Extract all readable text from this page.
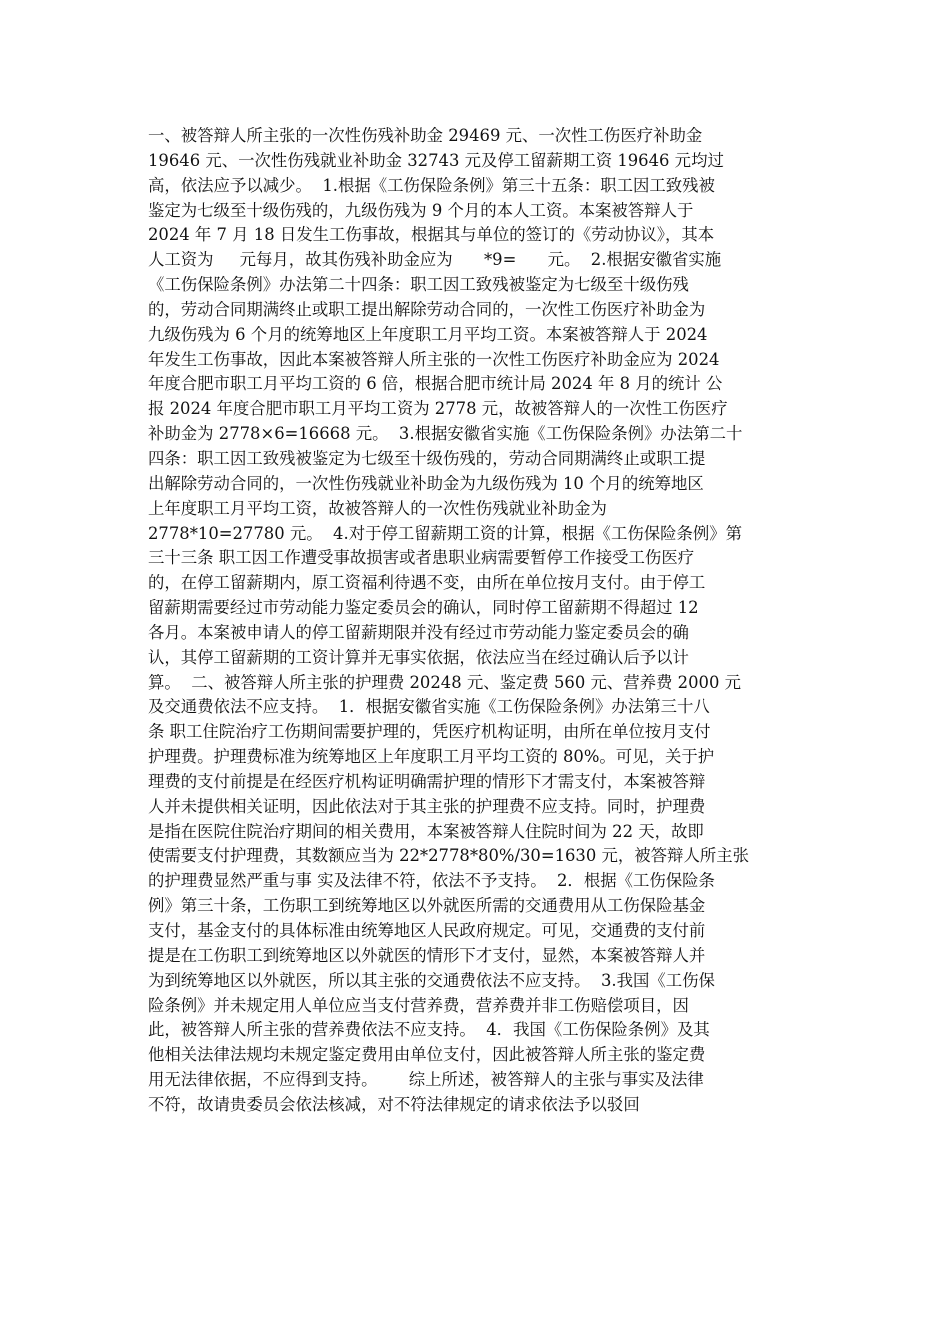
一、被答辩人所主张的一次性伤残补助金 29469 元、一次性工伤医疗补助金
19646 元、一次性伤残就业补助金 32743 元及停工留薪期工资 19646 元均过
高，依法应予以减少。  1.根据《工伤保险条例》第三十五条：职工因工致残被
鉴定为七级至十级伤残的，九级伤残为 9 个月的本人工资。本案被答辩人于
2024 年 7 月 18 日发生工伤事故，根据其与单位的签订的《劳动协议》，其本
人工资为     元每月，故其伤残补助金应为      *9=      元。  2.根据安徽省实施
《工伤保险条例》办法第二十四条：职工因工致残被鉴定为七级至十级伤残
的，劳动合同期满终止或职工提出解除劳动合同的，一次性工伤医疗补助金为
九级伤残为 6 个月的统筹地区上年度职工月平均工资。本案被答辩人于 2024
年发生工伤事故，因此本案被答辩人所主张的一次性工伤医疗补助金应为 2024
年度合肥市职工月平均工资的 6 倍，根据合肥市统计局 2024 年 8 月的统计 公
报 2024 年度合肥市职工月平均工资为 2778 元，故被答辩人的一次性工伤医疗
补助金为 2778×6=16668 元。  3.根据安徽省实施《工伤保险条例》办法第二十
四条：职工因工致残被鉴定为七级至十级伤残的，劳动合同期满终止或职工提
出解除劳动合同的，一次性伤残就业补助金为九级伤残为 10 个月的统筹地区
上年度职工月平均工资，故被答辩人的一次性伤残就业补助金为
2778*10=27780 元。  4.对于停工留薪期工资的计算，根据《工伤保险条例》第
三十三条 职工因工作遭受事故损害或者患职业病需要暂停工作接受工伤医疗
的，在停工留薪期内，原工资福利待遇不变，由所在单位按月支付。由于停工
留薪期需要经过市劳动能力鉴定委员会的确认，同时停工留薪期不得超过 12
各月。本案被申请人的停工留薪期限并没有经过市劳动能力鉴定委员会的确
认，其停工留薪期的工资计算并无事实依据，依法应当在经过确认后予以计
算。  二、被答辩人所主张的护理费 20248 元、鉴定费 560 元、营养费 2000 元
及交通费依法不应支持。  1．根据安徽省实施《工伤保险条例》办法第三十八
条 职工住院治疗工伤期间需要护理的，凭医疗机构证明，由所在单位按月支付
护理费。护理费标准为统筹地区上年度职工月平均工资的 80%。可见，关于护
理费的支付前提是在经医疗机构证明确需护理的情形下才需支付，本案被答辩
人并未提供相关证明，因此依法对于其主张的护理费不应支持。同时，护理费
是指在医院住院治疗期间的相关费用，本案被答辩人住院时间为 22 天，故即
使需要支付护理费，其数额应当为 22*2778*80%/30=1630 元，被答辩人所主张
的护理费显然严重与事 实及法律不符，依法不予支持。  2．根据《工伤保险条
例》第三十条，工伤职工到统筹地区以外就医所需的交通费用从工伤保险基金
支付，基金支付的具体标准由统筹地区人民政府规定。可见，交通费的支付前
提是在工伤职工到统筹地区以外就医的情形下才支付，显然，本案被答辩人并
为到统筹地区以外就医，所以其主张的交通费依法不应支持。  3.我国《工伤保
险条例》并未规定用人单位应当支付营养费，营养费并非工伤赔偿项目，因
此，被答辩人所主张的营养费依法不应支持。  4．我国《工伤保险条例》及其
他相关法律法规均未规定鉴定费用由单位支付，因此被答辩人所主张的鉴定费
用无法律依据，不应得到支持。      综上所述，被答辩人的主张与事实及法律
不符，故请贵委员会依法核减，对不符法律规定的请求依法予以驳回
